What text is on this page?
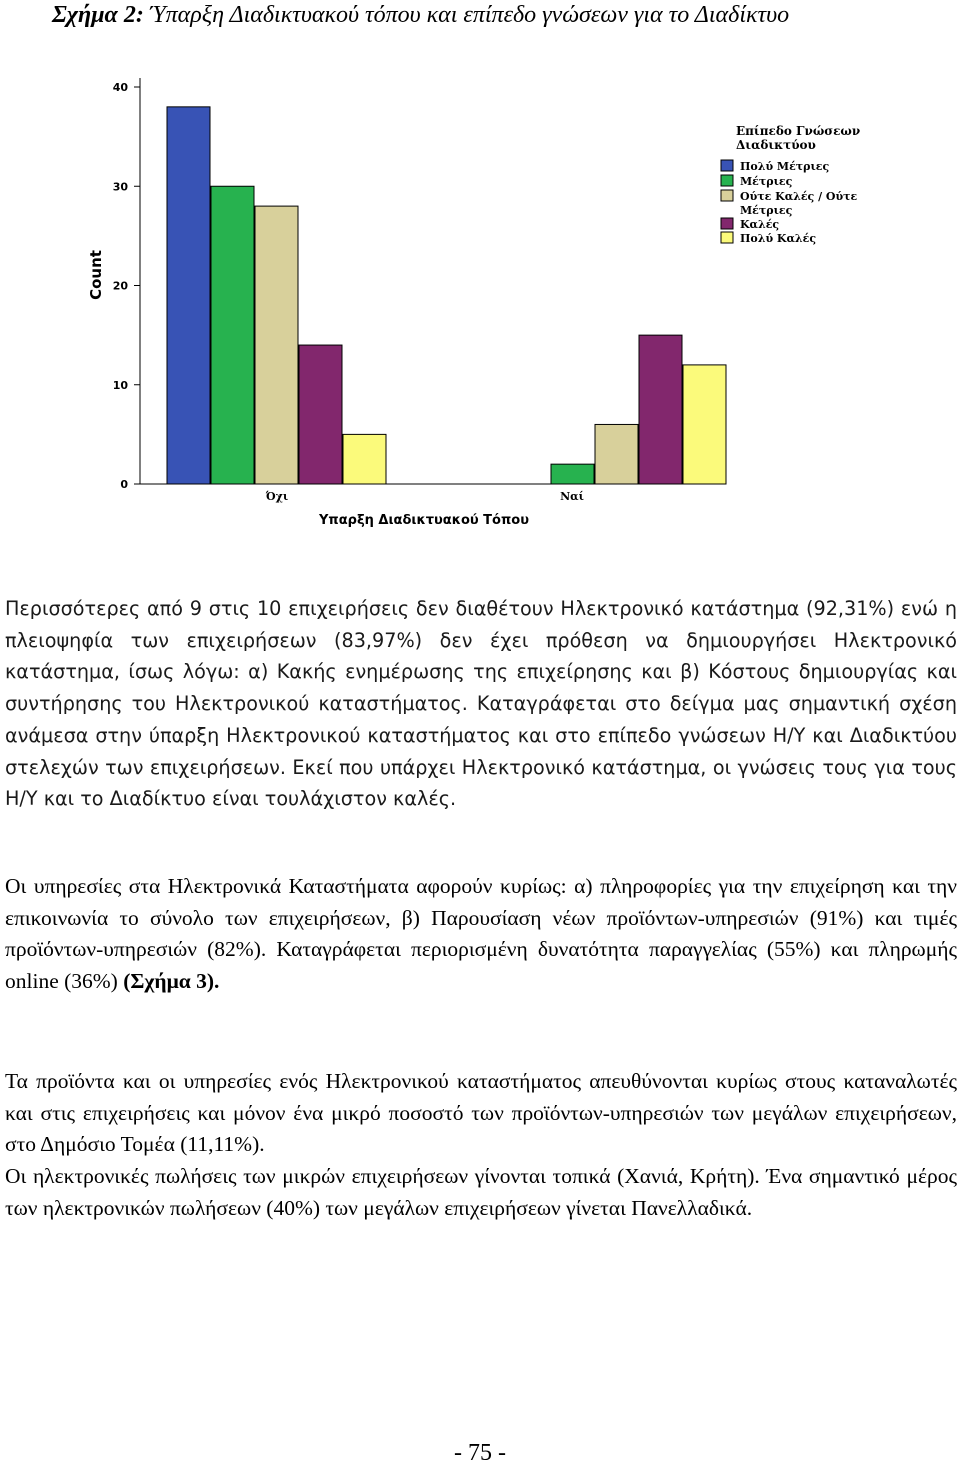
Σχήμα 2: Ύπαρξη Διαδικτυακού τόπου και επίπεδο γνώσεων για το Διαδίκτυο
Count
Υπαρξη Διαδικτυακού Τόπου
0
10
20
30
40
Όχι	Ναί
Επίπεδο Γνώσεων
Διαδικτύου
Πολύ Μέτριες
Μέτριες
Ούτε Καλές / Ούτε
Μέτριες
Καλές
Πολύ Καλές

Περισσότερες από 9 στις 10 επιχειρήσεις δεν διαθέτουν Ηλεκτρονικό κατάστημα (92,31%) ενώ η πλειοψηφία των επιχειρήσεων (83,97%) δεν έχει πρόθεση να δημιουργήσει Ηλεκτρονικό κατάστημα, ίσως λόγω: α) Κακής ενημέρωσης της επιχείρησης και β) Κόστους δημιουργίας και συντήρησης του Ηλεκτρονικού καταστήματος. Καταγράφεται στο δείγμα μας σημαντική σχέση ανάμεσα στην ύπαρξη Ηλεκτρονικού καταστήματος και στο επίπεδο γνώσεων Η/Υ και Διαδικτύου στελεχών των επιχειρήσεων. Εκεί που υπάρχει Ηλεκτρονικό κατάστημα, οι γνώσεις τους για τους Η/Υ και το Διαδίκτυο είναι τουλάχιστον καλές.

Οι υπηρεσίες στα Ηλεκτρονικά Καταστήματα αφορούν κυρίως: α) πληροφορίες για την επιχείρηση και την επικοινωνία το σύνολο των επιχειρήσεων, β) Παρουσίαση νέων προϊόντων-υπηρεσιών (91%) και τιμές προϊόντων-υπηρεσιών (82%). Καταγράφεται περιορισμένη δυνατότητα παραγγελίας (55%) και πληρωμής online (36%) (Σχήμα 3).

Τα προϊόντα και οι υπηρεσίες ενός Ηλεκτρονικού καταστήματος απευθύνονται κυρίως στους καταναλωτές και στις επιχειρήσεις και μόνον ένα μικρό ποσοστό των προϊόντων-υπηρεσιών των μεγάλων επιχειρήσεων, στο Δημόσιο Τομέα (11,11%).

Οι ηλεκτρονικές πωλήσεις των μικρών επιχειρήσεων γίνονται τοπικά (Χανιά, Κρήτη). Ένα σημαντικό μέρος των ηλεκτρονικών πωλήσεων (40%) των μεγάλων επιχειρήσεων γίνεται Πανελλαδικά.

- 75 -
